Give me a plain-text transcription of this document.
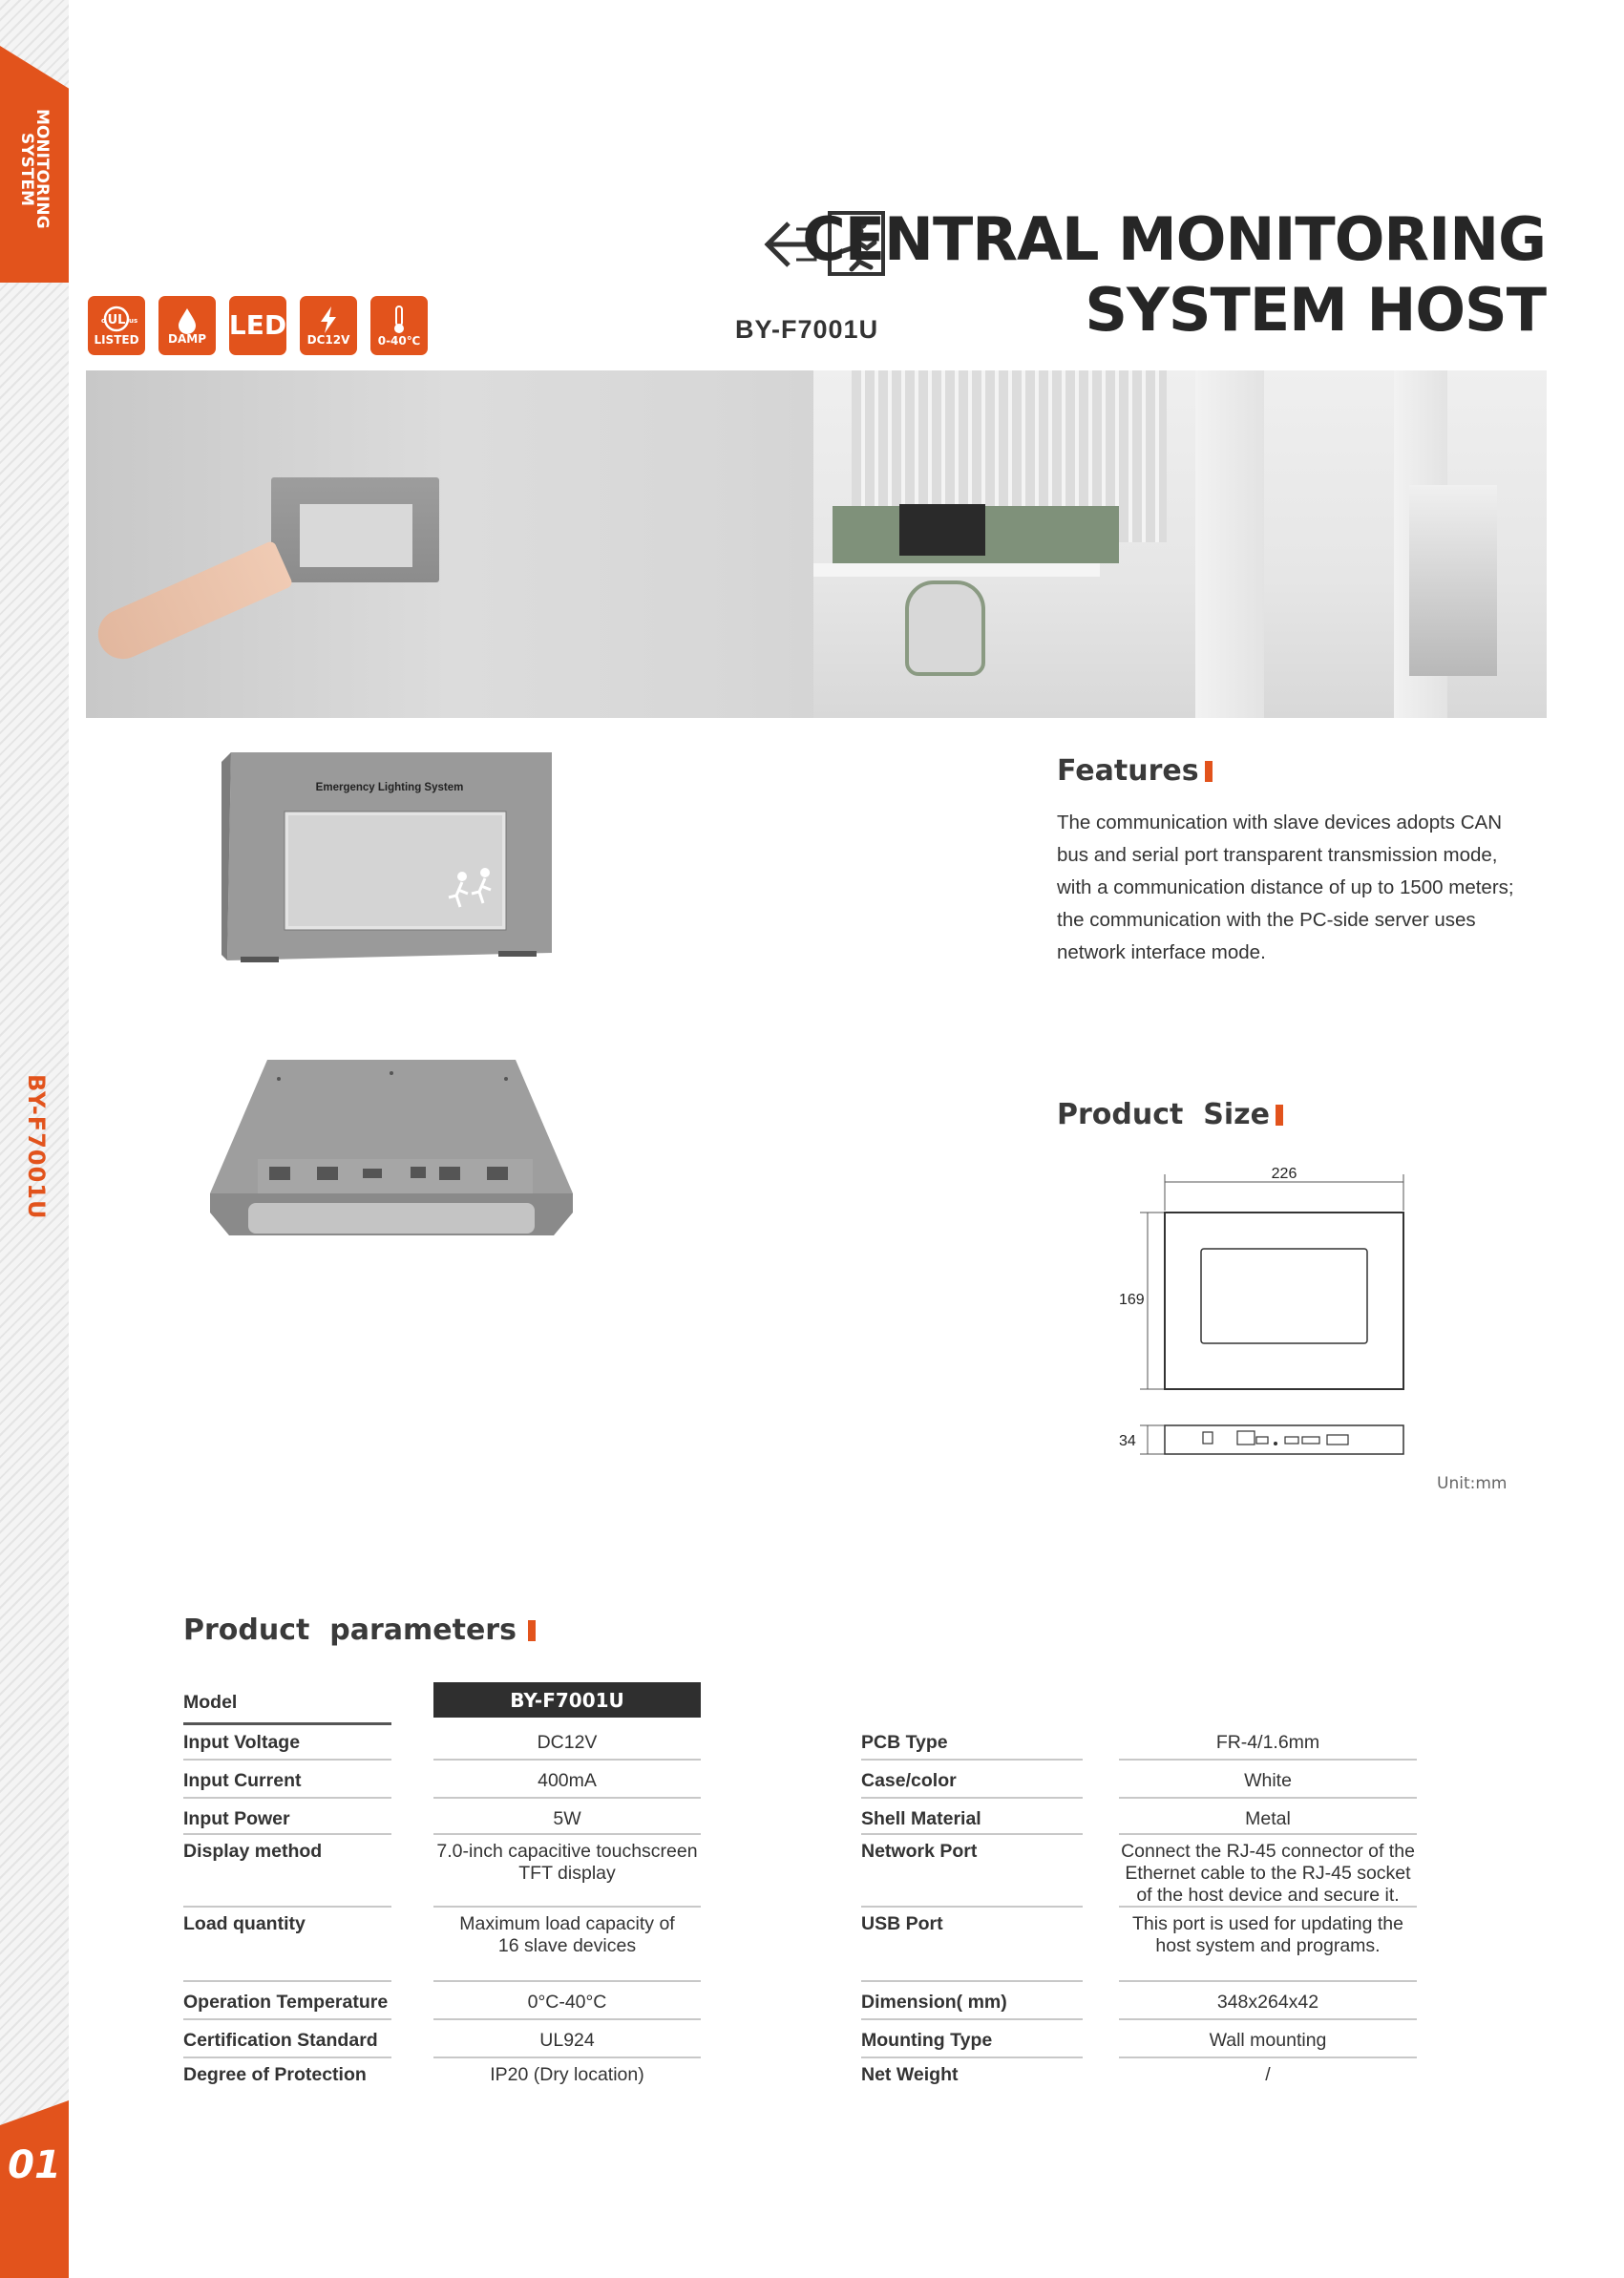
MONITORING
SYSTEM
BY-F7001U
01
CENTRAL MONITORING
SYSTEM HOST
BY-F7001U
UL
c	us
LISTED	DAMP LED DC12V 0-40℃
Emergency Lighting System	Features
The communication with slave devices adopts CAN bus and serial port transparent transmission mode, with a communication distance of up to 1500 meters; the communication with the PC-side server uses network interface mode.
Product  Size
226
169
34
Unit:mm
Product  parameters
Model	BY-F7001U
Input Voltage	DC12V
Input Current	400mA
Input Power	5W
Display method	7.0-inch capacitive touchscreen TFT display
Load quantity	Maximum load capacity of 16 slave devices
Operation Temperature	0°C-40°C
Certification Standard	UL924
Degree of Protection	IP20 (Dry location)
PCB Type	FR-4/1.6mm
Case/color	White
Shell Material	Metal
Network Port	Connect the RJ-45 connector of the Ethernet cable to the RJ-45 socket of the host device and secure it.
USB Port	This port is used for updating the host system and programs.
Dimension( mm)	348x264x42
Mounting Type	Wall mounting
Net Weight	/
